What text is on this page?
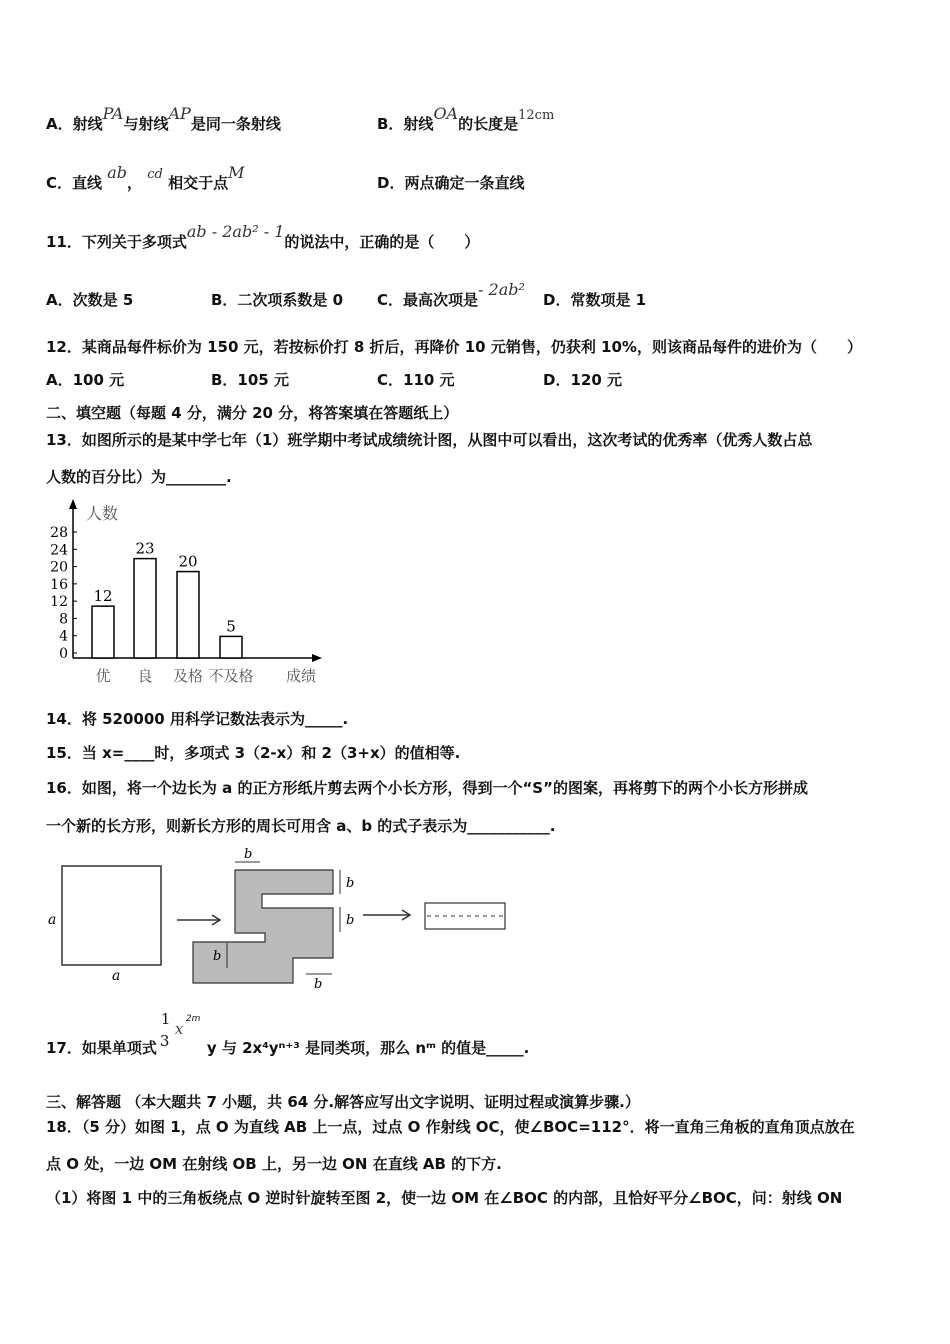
A．射线PA与射线AP是同一条射线	B．射线OA的长度是12cm
C．直线 ab， cd 相交于点M
D．两点确定一条直线
11．下列关于多项式ab - 2ab² - 1的说法中，正确的是（　　）
A．次数是 5	B．二次项系数是 0 C．最高次项是- 2ab²
D．常数项是 1
12．某商品每件标价为 150 元，若按标价打 8 折后，再降价 10 元销售，仍获利 10%，则该商品每件的进价为（　　）
A．100 元	B．105 元	C．110 元	D．120 元
二、填空题（每题 4 分，满分 20 分，将答案填在答题纸上）
13．如图所示的是某中学七年（1）班学期中考试成绩统计图，从图中可以看出，这次考试的优秀率（优秀人数占总
人数的百分比）为________.
人数
成绩
0
4
8
12
16
20
24
28
12
优
23
良
20
及格
5
不及格
14．将 520000 用科学记数法表示为_____.
15．当 x=____时，多项式 3（2-x）和 2（3+x）的值相等.
16．如图，将一个边长为 a 的正方形纸片剪去两个小长方形，得到一个“S”的图案，再将剪下的两个小长方形拼成
一个新的长方形，则新长方形的周长可用含 a、b 的式子表示为___________.
a
a
b
b
b
b
b
17．如果单项式
1
3
x
2m
y 与 2x⁴yⁿ⁺³ 是同类项，那么 nᵐ 的值是_____.
三、解答题 （本大题共 7 小题，共 64 分.解答应写出文字说明、证明过程或演算步骤.）
18．（5 分）如图 1，点 O 为直线 AB 上一点，过点 O 作射线 OC，使∠BOC=112°．将一直角三角板的直角顶点放在
点 O 处，一边 OM 在射线 OB 上，另一边 ON 在直线 AB 的下方.
（1）将图 1 中的三角板绕点 O 逆时针旋转至图 2，使一边 OM 在∠BOC 的内部，且恰好平分∠BOC，问：射线 ON
